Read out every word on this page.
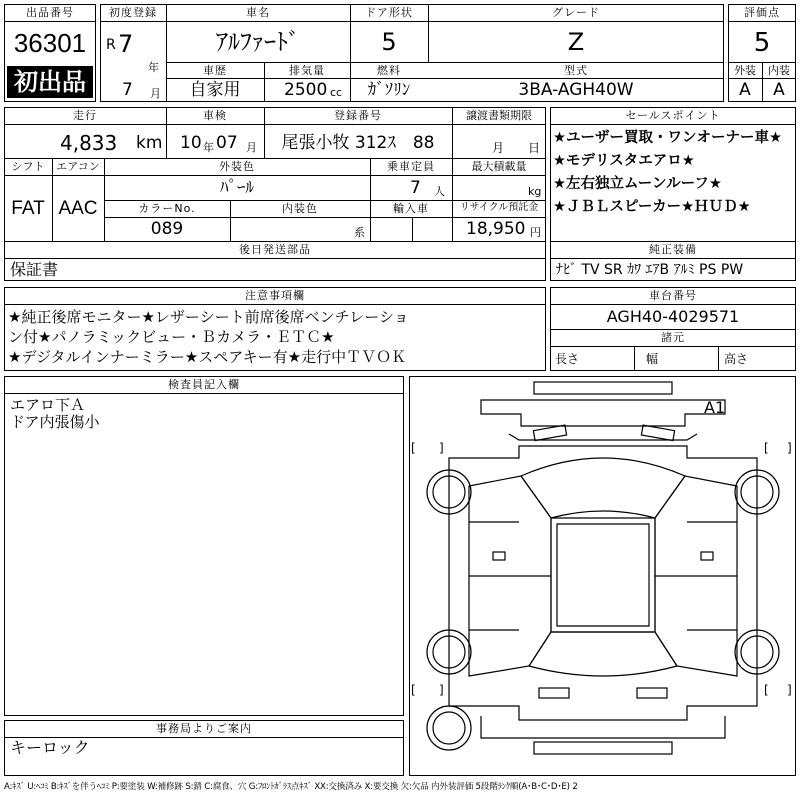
出品番号
36301
初出品
初度登録
R 7
年
7 月
車名
ｱﾙﾌｧｰﾄﾞ
車歴
自家用
排気量
2500 cc
ドア形状
5
燃料
ｶﾞｿﾘﾝ
グレード
Z
型式
3BA-AGH40W
評価点
5
外装
A
内装
A
走行
4,833 km
車検
10 年 07 月
登録番号
尾張小牧 312ｽ　88
譲渡書類期限
月 日
シフト
FAT
エアコン
AAC
外装色
ﾊﾟｰﾙ
乗車定員
7 人
最大積載量
kg
カラーNo.
089
内装色
系
輸入車	リサイクル預託金
18,950 円
後日発送部品
保証書
セールスポイント
★ユーザー買取・ワンオーナー車★
★モデリスタエアロ★
★左右独立ムーンルーフ★
★ＪＢＬスピーカー★ＨＵＤ★
純正装備
ﾅﾋﾞ TV SR ｶﾜ ｴｱB ｱﾙﾐ PS PW
注意事項欄
★純正後席モニター★レザーシート前席後席ベンチレーショ
ン付★パノラミックビュー・Ｂカメラ・ＥＴＣ★
★デジタルインナーミラー★スペアキー有★走行中ＴＶＯＫ
車台番号
AGH40-4029571
諸元
長さ	幅	高さ
検査員記入欄
エアロ下Ａ
ドア内張傷小
事務局よりご案内
キーロック
A1
[ ]	[ ]
[ ]	[ ]
A:ｷｽﾞ U:ﾍｺﾐ B:ｷｽﾞを伴うﾍｺﾐ P:要塗装 W:補修跡 S:錆 C:腐食、穴 G:ﾌﾛﾝﾄｶﾞﾗｽ点ｷｽﾞ XX:交換済み X:要交換 欠:欠品 内外装評価 5段階ﾗﾝｸ順(A･B･C･D･E) 2
